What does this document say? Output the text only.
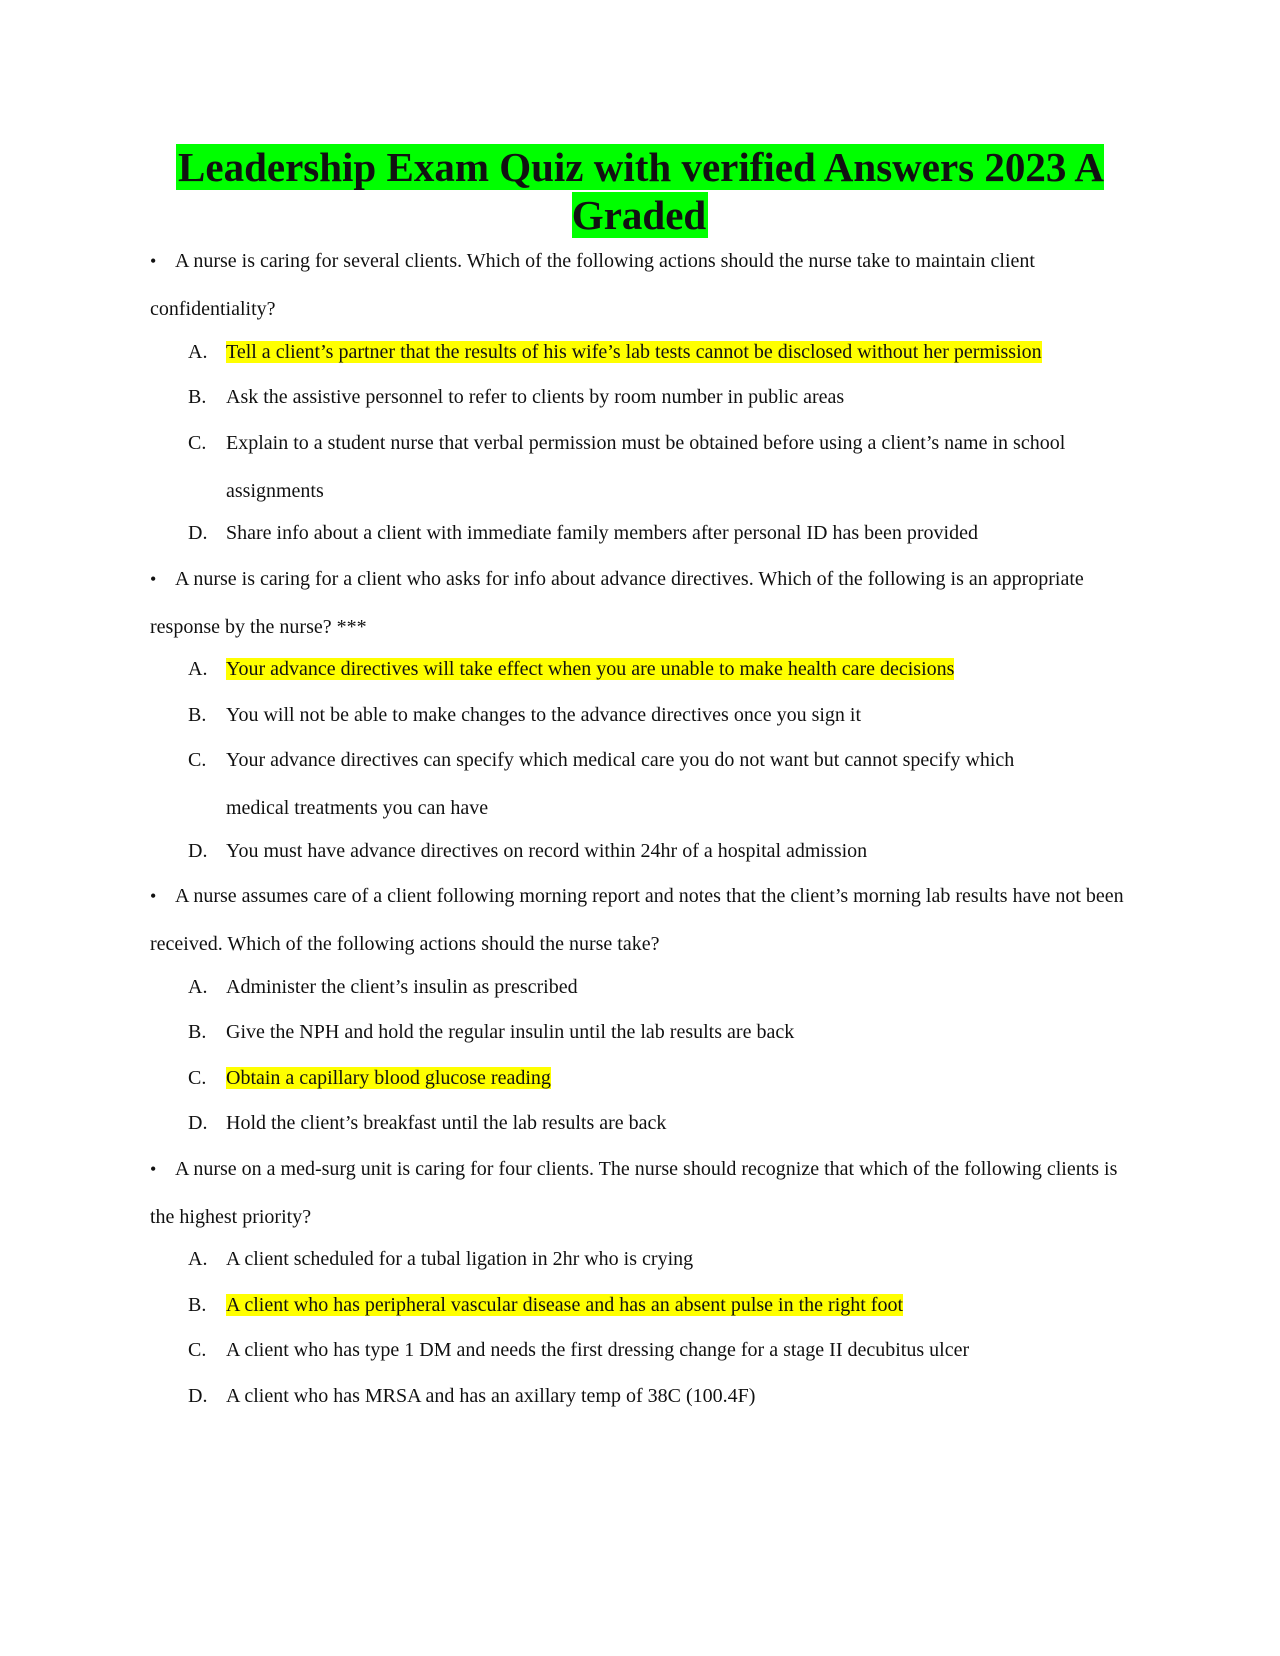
Leadership Exam Quiz with verified Answers 2023 A Graded

• A nurse is caring for several clients. Which of the following actions should the nurse take to maintain client confidentiality?

A. Tell a client’s partner that the results of his wife’s lab tests cannot be disclosed without her permission

B. Ask the assistive personnel to refer to clients by room number in public areas

C. Explain to a student nurse that verbal permission must be obtained before using a client’s name in school assignments

D. Share info about a client with immediate family members after personal ID has been provided

• A nurse is caring for a client who asks for info about advance directives. Which of the following is an appropriate response by the nurse? ***

A. Your advance directives will take effect when you are unable to make health care decisions

B. You will not be able to make changes to the advance directives once you sign it

C. Your advance directives can specify which medical care you do not want but cannot specify which medical treatments you can have

D. You must have advance directives on record within 24hr of a hospital admission

• A nurse assumes care of a client following morning report and notes that the client’s morning lab results have not been received. Which of the following actions should the nurse take?

A. Administer the client’s insulin as prescribed

B. Give the NPH and hold the regular insulin until the lab results are back

C. Obtain a capillary blood glucose reading

D. Hold the client’s breakfast until the lab results are back

• A nurse on a med-surg unit is caring for four clients. The nurse should recognize that which of the following clients is the highest priority?

A. A client scheduled for a tubal ligation in 2hr who is crying

B. A client who has peripheral vascular disease and has an absent pulse in the right foot

C. A client who has type 1 DM and needs the first dressing change for a stage II decubitus ulcer

D. A client who has MRSA and has an axillary temp of 38C (100.4F)
